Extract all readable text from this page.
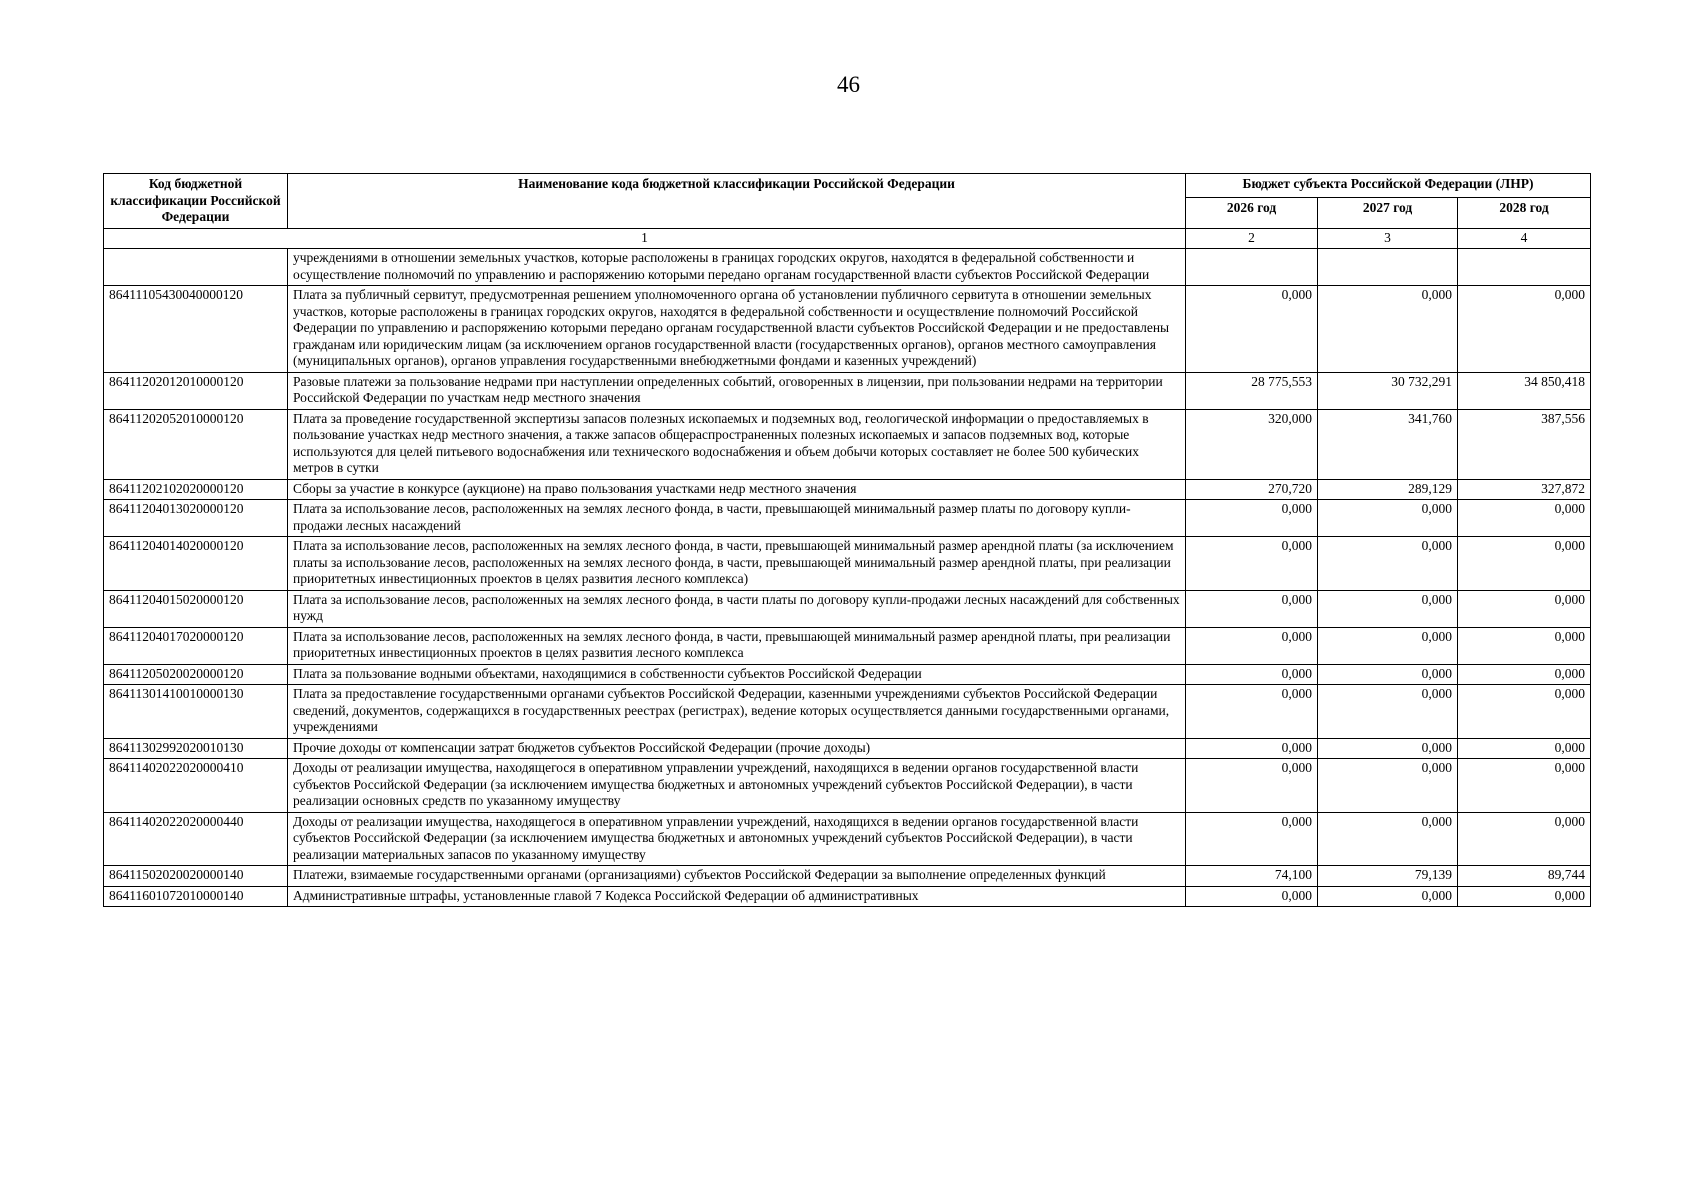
46
Код бюджетной классификации Российской Федерации	Наименование кода бюджетной классификации Российской Федерации	Бюджет субъекта Российской Федерации (ЛНР)		
		2026 год	2027 год	2028 год
1		2	3	4
	учреждениями в отношении земельных участков, которые расположены в границах городских округов, находятся в федеральной собственности и осуществление полномочий по управлению и распоряжению которыми передано органам государственной власти субъектов Российской Федерации			
86411105430040000120	Плата за публичный сервитут, предусмотренная решением уполномоченного органа об установлении публичного сервитута в отношении земельных участков, которые расположены в границах городских округов, находятся в федеральной собственности и осуществление полномочий Российской Федерации по управлению и распоряжению которыми передано органам государственной власти субъектов Российской Федерации и не предоставлены гражданам или юридическим лицам (за исключением органов государственной власти (государственных органов), органов местного самоуправления (муниципальных органов), органов управления государственными внебюджетными фондами и казенных учреждений)	0,000	0,000	0,000
86411202012010000120	Разовые платежи за пользование недрами при наступлении определенных событий, оговоренных в лицензии, при пользовании недрами на территории Российской Федерации по участкам недр местного значения	28 775,553	30 732,291	34 850,418
86411202052010000120	Плата за проведение государственной экспертизы запасов полезных ископаемых и подземных вод, геологической информации о предоставляемых в пользование участках недр местного значения, а также запасов общераспространенных полезных ископаемых и запасов подземных вод, которые используются для целей питьевого водоснабжения или технического водоснабжения и объем добычи которых составляет не более 500 кубических метров в сутки	320,000	341,760	387,556
86411202102020000120	Сборы за участие в конкурсе (аукционе) на право пользования участками недр местного значения	270,720	289,129	327,872
86411204013020000120	Плата за использование лесов, расположенных на землях лесного фонда, в части, превышающей минимальный размер платы по договору купли-продажи лесных насаждений	0,000	0,000	0,000
86411204014020000120	Плата за использование лесов, расположенных на землях лесного фонда, в части, превышающей минимальный размер арендной платы (за исключением платы за использование лесов, расположенных на землях лесного фонда, в части, превышающей минимальный размер арендной платы, при реализации приоритетных инвестиционных проектов в целях развития лесного комплекса)	0,000	0,000	0,000
86411204015020000120	Плата за использование лесов, расположенных на землях лесного фонда, в части платы по договору купли-продажи лесных насаждений для собственных нужд	0,000	0,000	0,000
86411204017020000120	Плата за использование лесов, расположенных на землях лесного фонда, в части, превышающей минимальный размер арендной платы, при реализации приоритетных инвестиционных проектов в целях развития лесного комплекса	0,000	0,000	0,000
86411205020020000120	Плата за пользование водными объектами, находящимися в собственности субъектов Российской Федерации	0,000	0,000	0,000
86411301410010000130	Плата за предоставление государственными органами субъектов Российской Федерации, казенными учреждениями субъектов Российской Федерации сведений, документов, содержащихся в государственных реестрах (регистрах), ведение которых осуществляется данными государственными органами, учреждениями	0,000	0,000	0,000
86411302992020010130	Прочие доходы от компенсации затрат бюджетов субъектов Российской Федерации (прочие доходы)	0,000	0,000	0,000
86411402022020000410	Доходы от реализации имущества, находящегося в оперативном управлении учреждений, находящихся в ведении органов государственной власти субъектов Российской Федерации (за исключением имущества бюджетных и автономных учреждений субъектов Российской Федерации), в части реализации основных средств по указанному имуществу	0,000	0,000	0,000
86411402022020000440	Доходы от реализации имущества, находящегося в оперативном управлении учреждений, находящихся в ведении органов государственной власти субъектов Российской Федерации (за исключением имущества бюджетных и автономных учреждений субъектов Российской Федерации), в части реализации материальных запасов по указанному имуществу	0,000	0,000	0,000
86411502020020000140	Платежи, взимаемые государственными органами (организациями) субъектов Российской Федерации за выполнение определенных функций	74,100	79,139	89,744
86411601072010000140	Административные штрафы, установленные главой 7 Кодекса Российской Федерации об административных	0,000	0,000	0,000
